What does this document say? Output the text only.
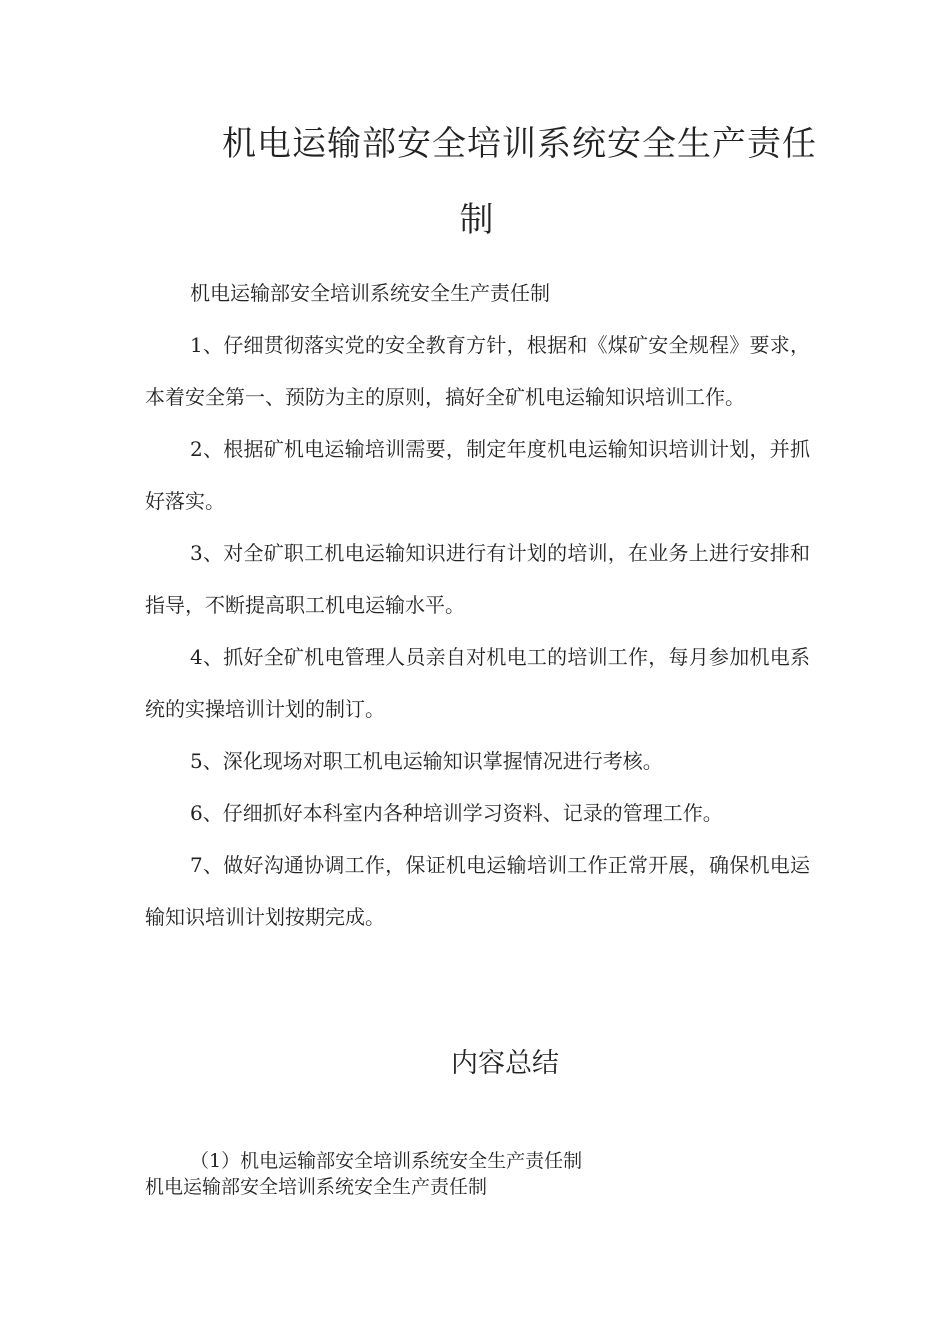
机电运输部安全培训系统安全生产责任
制

机电运输部安全培训系统安全生产责任制

1、仔细贯彻落实党的安全教育方针，根据和《煤矿安全规程》要求，本着安全第一、预防为主的原则，搞好全矿机电运输知识培训工作。

2、根据矿机电运输培训需要，制定年度机电运输知识培训计划，并抓好落实。

3、对全矿职工机电运输知识进行有计划的培训，在业务上进行安排和指导，不断提高职工机电运输水平。

4、抓好全矿机电管理人员亲自对机电工的培训工作，每月参加机电系统的实操培训计划的制订。

5、深化现场对职工机电运输知识掌握情况进行考核。

6、仔细抓好本科室内各种培训学习资料、记录的管理工作。

7、做好沟通协调工作，保证机电运输培训工作正常开展，确保机电运输知识培训计划按期完成。

内容总结
（1）机电运输部安全培训系统安全生产责任制
机电运输部安全培训系统安全生产责任制
